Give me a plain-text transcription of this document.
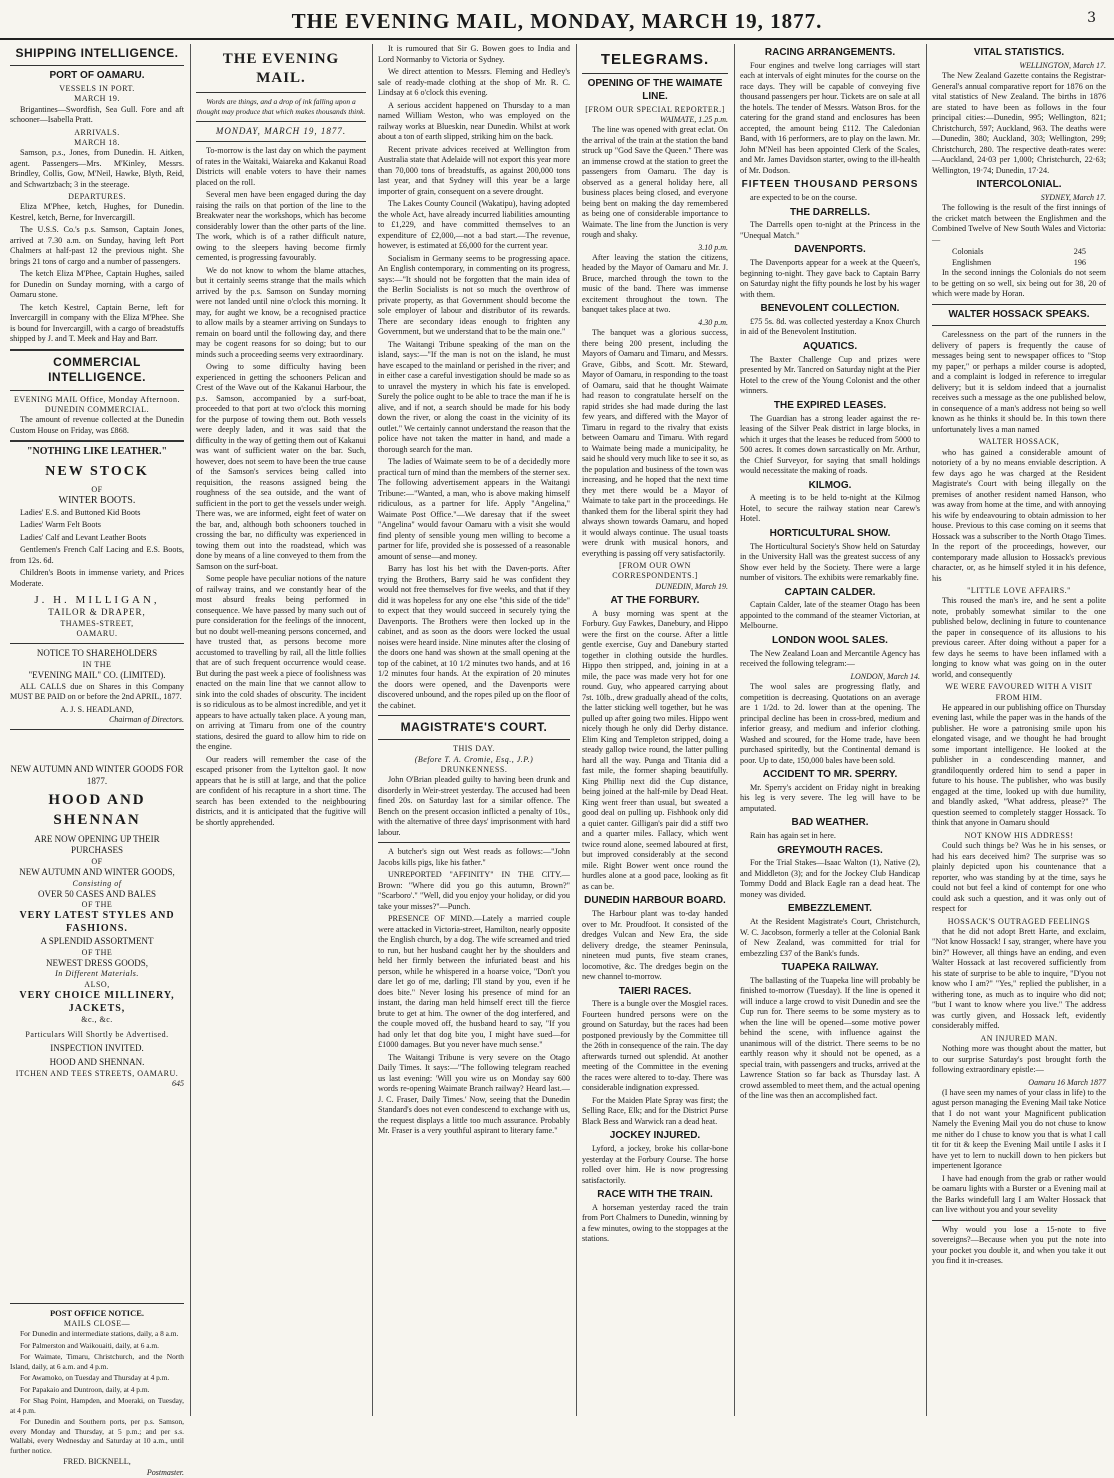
THE EVENING MAIL, MONDAY, MARCH 19, 1877.	3
SHIPPING INTELLIGENCE.
PORT OF OAMARU.
VESSELS IN PORT.
MARCH 19.

Brigantines—Swordfish, Sea Gull. Fore and aft schooner—Isabella Pratt.

ARRIVALS.
MARCH 18.

Samson, p.s., Jones, from Dunedin. H. Aitken, agent. Passengers—Mrs. M'Kinley, Messrs. Brindley, Collis, Gow, M'Neil, Hawke, Blyth, Reid, and Schwartzbach; 3 in the steerage.

DEPARTURES.

Eliza M'Phee, ketch, Hughes, for Dunedin. Kestrel, ketch, Berne, for Invercargill.

The U.S.S. Co.'s p.s. Samson, Captain Jones, arrived at 7.30 a.m. on Sunday, having left Port Chalmers at half-past 12 the previous night. She brings 21 tons of cargo and a number of passengers.

The ketch Eliza M'Phee, Captain Hughes, sailed for Dunedin on Sunday morning, with a cargo of Oamaru stone.

The ketch Kestrel, Captain Berne, left for Invercargill in company with the Eliza M'Phee. She is bound for Invercargill, with a cargo of breadstuffs shipped by J. and T. Meek and Hay and Barr.

COMMERCIAL INTELLIGENCE.
EVENING MAIL Office, Monday Afternoon.
DUNEDIN COMMERCIAL.

The amount of revenue collected at the Dunedin Custom House on Friday, was £868.

"NOTHING LIKE LEATHER."
NEW STOCK
OF
WINTER BOOTS.

Ladies' E.S. and Buttoned Kid Boots

Ladies' Warm Felt Boots

Ladies' Calf and Levant Leather Boots

Gentlemen's French Calf Lacing and E.S. Boots, from 12s. 6d.

Children's Boots in immense variety, and Prices Moderate.

J. H. MILLIGAN,
TAILOR & DRAPER,
THAMES-STREET,
OAMARU.
NOTICE TO SHAREHOLDERS
IN THE
"EVENING MAIL" CO. (LIMITED).

ALL CALLS due on Shares in this Company MUST BE PAID on or before the 2nd APRIL, 1877.

A. J. S. HEADLAND,
Chairman of Directors.
NEW AUTUMN AND WINTER GOODS FOR 1877.
HOOD AND SHENNAN
ARE NOW OPENING UP THEIR PURCHASES
OF
NEW AUTUMN AND WINTER GOODS,
Consisting of
OVER 50 CASES AND BALES
OF THE
VERY LATEST STYLES AND FASHIONS.
A SPLENDID ASSORTMENT
OF THE
NEWEST DRESS GOODS,
In Different Materials.
ALSO,
VERY CHOICE MILLINERY, JACKETS,
&c., &c.
Particulars Will Shortly be Advertised.
INSPECTION INVITED.
HOOD AND SHENNAN.
ITCHEN AND TEES STREETS, OAMARU.
645
POST OFFICE NOTICE.
MAILS CLOSE—

For Dunedin and intermediate stations, daily, a 8 a.m.

For Palmerston and Waikouaiti, daily, at 6 a.m.

For Waimate, Timaru, Christchurch, and the North Island, daily, at 6 a.m. and 4 p.m.

For Awamoko, on Tuesday and Thursday at 4 p.m.

For Papakaio and Duntroon, daily, at 4 p.m.

For Shag Point, Hampden, and Moeraki, on Tuesday, at 4 p.m.

For Dunedin and Southern ports, per p.s. Samson, every Monday and Thursday, at 5 p.m.; and per s.s. Wallabi, every Wednesday and Saturday at 10 a.m., until further notice.

FRED. BICKNELL,
Postmaster.
THE EVENING MAIL.
Words are things, and a drop of ink falling upon a thought may produce that which makes thousands think.
MONDAY, MARCH 19, 1877.

To-morrow is the last day on which the payment of rates in the Waitaki, Waiareka and Kakanui Road Districts will enable voters to have their names placed on the roll.

Several men have been engaged during the day raising the rails on that portion of the line to the Breakwater near the workshops, which has become considerably lower than the other parts of the line. The work, which is of a rather difficult nature, owing to the sleepers having become firmly cemented, is progressing favourably.

We do not know to whom the blame attaches, but it certainly seems strange that the mails which arrived by the p.s. Samson on Sunday morning were not landed until nine o'clock this morning. It may, for aught we know, be a recognised practice to allow mails by a steamer arriving on Sundays to remain on board until the following day, and there may be cogent reasons for so doing; but to our minds such a proceeding seems very extraordinary.

Owing to some difficulty having been experienced in getting the schooners Pelican and Crest of the Wave out of the Kakanui Harbour, the p.s. Samson, accompanied by a surf-boat, proceeded to that port at two o'clock this morning for the purpose of towing them out. Both vessels were deeply laden, and it was said that the difficulty in the way of getting them out of Kakanui was want of sufficient water on the bar. Such, however, does not seem to have been the true cause of the Samson's services being called into requisition, the reasons assigned being the roughness of the sea outside, and the want of sufficient in the port to get the vessels under weigh. There was, we are informed, eight feet of water on the bar, and, although both schooners touched in crossing the bar, no difficulty was experienced in towing them out into the roadstead, which was done by means of a line conveyed to them from the Samson on the surf-boat.

Some people have peculiar notions of the nature of railway trains, and we constantly hear of the most absurd freaks being performed in consequence. We have passed by many such out of pure consideration for the feelings of the innocent, but no doubt well-meaning persons concerned, and have trusted that, as persons become more accustomed to travelling by rail, all the little follies that are of such frequent occurrence would cease. But during the past week a piece of foolishness was enacted on the main line that we cannot allow to sink into the cold shades of obscurity. The incident is so ridiculous as to be almost incredible, and yet it appears to have actually taken place. A young man, on arriving at Timaru from one of the country stations, desired the guard to allow him to ride on the engine.

Our readers will remember the case of the escaped prisoner from the Lyttelton gaol. It now appears that he is still at large, and that the police are confident of his recapture in a short time. The search has been extended to the neighbouring districts, and it is anticipated that the fugitive will be shortly apprehended.

It is rumoured that Sir G. Bowen goes to India and Lord Normanby to Victoria or Sydney.

We direct attention to Messrs. Fleming and Hedley's sale of ready-made clothing at the shop of Mr. R. C. Lindsay at 6 o'clock this evening.

A serious accident happened on Thursday to a man named William Weston, who was employed on the railway works at Blueskin, near Dunedin. Whilst at work about a ton of earth slipped, striking him on the back.

Recent private advices received at Wellington from Australia state that Adelaide will not export this year more than 70,000 tons of breadstuffs, as against 200,000 tons last year, and that Sydney will this year be a large importer of grain, consequent on a severe drought.

The Lakes County Council (Wakatipu), having adopted the whole Act, have already incurred liabilities amounting to £1,229, and have committed themselves to an expenditure of £2,000,—not a bad start.—The revenue, however, is estimated at £6,000 for the current year.

Socialism in Germany seems to be progressing apace. An English contemporary, in commenting on its progress, says:—"It should not be forgotten that the main idea of the Berlin Socialists is not so much the overthrow of private property, as that Government should become the sole employer of labour and distributor of its rewards. There are secondary ideas enough to frighten any Government, but we understand that to be the main one."

The Waitangi Tribune speaking of the man on the island, says:—"If the man is not on the island, he must have escaped to the mainland or perished in the river; and in either case a careful investigation should be made so as to unravel the mystery in which his fate is enveloped. Surely the police ought to be able to trace the man if he is alive, and if not, a search should be made for his body down the river, or along the coast in the vicinity of its outlet." We certainly cannot understand the reason that the police have not taken the matter in hand, and made a thorough search for the man.

The ladies of Waimate seem to be of a decidedly more practical turn of mind than the members of the sterner sex. The following advertisement appears in the Waitangi Tribune:—"Wanted, a man, who is above making himself ridiculous, as a partner for life. Apply "Angelina," Waimate Post Office."—We daresay that if the sweet "Angelina" would favour Oamaru with a visit she would find plenty of sensible young men willing to become a partner for life, provided she is possessed of a reasonable amount of sense—and money.

Barry has lost his bet with the Daven-ports. After trying the Brothers, Barry said he was confident they would not free themselves for five weeks, and that if they did it was hopeless for any one else "this side of the tide" to expect that they would succeed in securely tying the Davenports. The Brothers were then locked up in the cabinet, and as soon as the doors were locked the usual noises were heard inside. Nine minutes after the closing of the doors one hand was shown at the small opening at the top of the cabinet, at 10 1/2 minutes two hands, and at 16 1/2 minutes four hands. At the expiration of 20 minutes the doors were opened, and the Davenports were discovered unbound, and the ropes piled up on the floor of the cabinet.

MAGISTRATE'S COURT.
THIS DAY.
(Before T. A. Cromie, Esq., J.P.)
DRUNKENNESS.

John O'Brian pleaded guilty to having been drunk and disorderly in Weir-street yesterday. The accused had been fined 20s. on Saturday last for a similar offence. The Bench on the present occasion inflicted a penalty of 10s., with the alternative of three days' imprisonment with hard labour.

A butcher's sign out West reads as follows:—"John Jacobs kills pigs, like his father."

UNREPORTED "AFFINITY" IN THE CITY.—Brown: "Where did you go this autumn, Brown?" "Scarboro'." "Well, did you enjoy your holiday, or did you take your misses?"—Punch.

PRESENCE OF MIND.—Lately a married couple were attacked in Victoria-street, Hamilton, nearly opposite the English church, by a dog. The wife screamed and tried to run, but her husband caught her by the shoulders and held her firmly between the infuriated beast and his person, while he whispered in a hoarse voice, "Don't you dare let go of me, darling; I'll stand by you, even if he does bite." Never losing his presence of mind for an instant, the daring man held himself erect till the fierce brute to get at him. The owner of the dog interfered, and the couple moved off, the husband heard to say, "If you had only let that dog bite you, I might have sued—for £1000 damages. But you never have much sense."

The Waitangi Tribune is very severe on the Otago Daily Times. It says:—"The following telegram reached us last evening: 'Will you wire us on Monday say 600 words re-opening Waimate Branch railway? Heard last.—J. C. Fraser, Daily Times.' Now, seeing that the Dunedin Standard's does not even condescend to exchange with us, the request displays a little too much assurance. Probably Mr. Fraser is a very youthful aspirant to literary fame."

TELEGRAMS.
OPENING OF THE WAIMATE LINE.
[FROM OUR SPECIAL REPORTER.]
WAIMATE, 1.25 p.m.

The line was opened with great eclat. On the arrival of the train at the station the band struck up "God Save the Queen." There was an immense crowd at the station to greet the passengers from Oamaru. The day is observed as a general holiday here, all business places being closed, and everyone being bent on making the day remembered as being one of considerable importance to Waimate. The line from the Junction is very rough and shaky.

3.10 p.m.

After leaving the station the citizens, headed by the Mayor of Oamaru and Mr. J. Bruce, marched through the town to the music of the band. There was immense excitement throughout the town. The banquet takes place at two.

4.30 p.m.

The banquet was a glorious success, there being 200 present, including the Mayors of Oamaru and Timaru, and Messrs. Grave, Gibbs, and Scott. Mr. Steward, Mayor of Oamaru, in responding to the toast of Oamaru, said that he thought Waimate had reason to congratulate herself on the rapid strides she had made during the last few years, and differed with the Mayor of Timaru in regard to the rivalry that exists between Oamaru and Timaru. With regard to Waimate being made a municipality, he said he should very much like to see it so, as the population and business of the town was increasing, and he hoped that the next time they met there would be a Mayor of Waimate to take part in the proceedings. He thanked them for the liberal spirit they had always shown towards Oamaru, and hoped it would always continue. The usual toasts were drunk with musical honors, and everything is passing off very satisfactorily.

[FROM OUR OWN CORRESPONDENTS.]
DUNEDIN, March 19.
AT THE FORBURY.

A busy morning was spent at the Forbury. Guy Fawkes, Danebury, and Hippo were the first on the course. After a little gentle exercise, Guy and Danebury started together in clothing outside the hurdles. Hippo then stripped, and, joining in at a mile, the pace was made very hot for one round. Guy, who appeared carrying about 7st. 10lb., drew gradually ahead of the colts, the latter sticking well together, but he was pulled up after going two miles. Hippo went nicely though he only did Derby distance. Elim King and Templeton stripped, doing a steady gallop twice round, the latter pulling hard all the way. Punga and Titania did a fast mile, the former shaping beautifully. King Phillip next did the Cup distance, being joined at the half-mile by Dead Heat. King went freer than usual, but sweated a good deal on pulling up. Fishhook only did a quiet canter. Gilligan's pair did a stiff two and a quarter miles. Fallacy, which went twice round alone, seemed laboured at first, but improved considerably at the second mile. Right Bower went once round the hurdles alone at a good pace, looking as fit as can be.

DUNEDIN HARBOUR BOARD.

The Harbour plant was to-day handed over to Mr. Proudfoot. It consisted of the dredges Vulcan and New Era, the side delivery dredge, the steamer Peninsula, nineteen mud punts, five steam cranes, locomotive, &c. The dredges begin on the new channel to-morrow.

TAIERI RACES.

There is a bungle over the Mosgiel races. Fourteen hundred persons were on the ground on Saturday, but the races had been postponed previously by the Committee till the 26th in consequence of the rain. The day afterwards turned out splendid. At another meeting of the Committee in the evening the races were altered to to-day. There was considerable indignation expressed.

For the Maiden Plate Spray was first; the Selling Race, Elk; and for the District Purse Black Bess and Warwick ran a dead heat.

JOCKEY INJURED.

Lyford, a jockey, broke his collar-bone yesterday at the Forbury Course. The horse rolled over him. He is now progressing satisfactorily.

RACE WITH THE TRAIN.

A horseman yesterday raced the train from Port Chalmers to Dunedin, winning by a few minutes, owing to the stoppages at the stations.

RACING ARRANGEMENTS.

Four engines and twelve long carriages will start each at intervals of eight minutes for the course on the race days. They will be capable of conveying five thousand passengers per hour. Tickets are on sale at all the hotels. The tender of Messrs. Watson Bros. for the catering for the grand stand and enclosures has been accepted, the amount being £112. The Caledonian Band, with 16 performers, are to play on the lawn. Mr. John M'Neil has been appointed Clerk of the Scales, and Mr. James Davidson starter, owing to the ill-health of Mr. Dodson.

FIFTEEN THOUSAND PERSONS

are expected to be on the course.

THE DARRELLS.

The Darrells open to-night at the Princess in the "Unequal Match."

DAVENPORTS.

The Davenports appear for a week at the Queen's, beginning to-night. They gave back to Captain Barry on Saturday night the fifty pounds he lost by his wager with them.

BENEVOLENT COLLECTION.

£75 5s. 8d. was collected yesterday a Knox Church in aid of the Benevolent Institution.

AQUATICS.

The Baxter Challenge Cup and prizes were presented by Mr. Tancred on Saturday night at the Pier Hotel to the crew of the Young Colonist and the other winners.

THE EXPIRED LEASES.

The Guardian has a strong leader against the re-leasing of the Silver Peak district in large blocks, in which it urges that the leases be reduced from 5000 to 500 acres. It comes down sarcastically on Mr. Arthur, the Chief Surveyor, for saying that small holdings would necessitate the making of roads.

KILMOG.

A meeting is to be held to-night at the Kilmog Hotel, to secure the railway station near Carew's Hotel.

HORTICULTURAL SHOW.

The Horticultural Society's Show held on Saturday in the University Hall was the greatest success of any Show ever held by the Society. There were a large number of visitors. The exhibits were remarkably fine.

CAPTAIN CALDER.

Captain Calder, late of the steamer Otago has been appointed to the command of the steamer Victorian, at Melbourne.

LONDON WOOL SALES.

The New Zealand Loan and Mercantile Agency has received the following telegram:—

LONDON, March 14.

The wool sales are progressing flatly, and competition is decreasing. Quotations on an average are 1 1/2d. to 2d. lower than at the opening. The principal decline has been in cross-bred, medium and inferior greasy, and medium and inferior clothing. Washed and scoured, for the Home trade, have been purchased spiritedly, but the Continental demand is poor. Up to date, 150,000 bales have been sold.

ACCIDENT TO MR. SPERRY.

Mr. Sperry's accident on Friday night in breaking his leg is very severe. The leg will have to be amputated.

BAD WEATHER.

Rain has again set in here.

GREYMOUTH RACES.

For the Trial Stakes—Isaac Walton (1), Native (2), and Middleton (3); and for the Jockey Club Handicap Tommy Dodd and Black Eagle ran a dead heat. The money was divided.

EMBEZZLEMENT.

At the Resident Magistrate's Court, Christchurch, W. C. Jacobson, formerly a teller at the Colonial Bank of New Zealand, was committed for trial for embezzling £37 of the Bank's funds.

TUAPEKA RAILWAY.

The ballasting of the Tuapeka line will probably be finished to-morrow (Tuesday). If the line is opened it will induce a large crowd to visit Dunedin and see the Cup run for. There seems to be some mystery as to when the line will be opened—some motive power behind the scene, with influence against the unanimous will of the district. There seems to be no earthly reason why it should not be opened, as a special train, with passengers and trucks, arrived at the Lawrence Station so far back as Thursday last. A crowd assembled to meet them, and the actual opening of the line was then an accomplished fact.

VITAL STATISTICS.
WELLINGTON, March 17.

The New Zealand Gazette contains the Registrar-General's annual comparative report for 1876 on the vital statistics of New Zealand. The births in 1876 are stated to have been as follows in the four principal cities:—Dunedin, 995; Wellington, 821; Christchurch, 597; Auckland, 963. The deaths were—Dunedin, 380; Auckland, 303; Wellington, 299; Christchurch, 280. The respective death-rates were:—Auckland, 24·03 per 1,000; Christchurch, 22·63; Wellington, 19·74; Dunedin, 17·24.

INTERCOLONIAL.
SYDNEY, March 17.

The following is the result of the first innings of the cricket match between the Englishmen and the Combined Twelve of New South Wales and Victoria:—

Colonials	245
Englishmen	196

In the second innings the Colonials do not seem to be getting on so well, six being out for 38, 20 of which were made by Horan.

WALTER HOSSACK SPEAKS.

Carelessness on the part of the runners in the delivery of papers is frequently the cause of messages being sent to newspaper offices to "Stop my paper," or perhaps a milder course is adopted, and a complaint is lodged in reference to irregular delivery; but it is seldom indeed that a journalist receives such a message as the one published below, in consequence of a man's address not being so well known as he thinks it should be. In this town there unfortunately lives a man named

WALTER HOSSACK,

who has gained a considerable amount of notoriety of a by no means enviable description. A few days ago he was charged at the Resident Magistrate's Court with being illegally on the premises of another resident named Hanson, who was away from home at the time, and with annoying his wife by endeavouring to obtain admission to her house. Previous to this case coming on it seems that Hossack was a subscriber to the North Otago Times. In the report of the proceedings, however, our contemporary made allusion to Hossack's previous character, or, as he himself styled it in his defence, his

"LITTLE LOVE AFFAIRS."

This roused the man's ire, and he sent a polite note, probably somewhat similar to the one published below, declining in future to countenance the paper in consequence of its allusions to his previous career. After doing without a paper for a few days he seems to have been inflamed with a longing to know what was going on in the outer world, and consequently

WE WERE FAVOURED WITH A VISIT FROM HIM.

He appeared in our publishing office on Thursday evening last, while the paper was in the hands of the publisher. He wore a patronising smile upon his elongated visage, and we thought he had brought some important intelligence. He looked at the publisher in a condescending manner, and grandiloquently ordered him to send a paper in future to his house. The publisher, who was busily engaged at the time, looked up with due humility, and blandly asked, "What address, please?" The question seemed to completely stagger Hossack. To think that anyone in Oamaru should

NOT KNOW HIS ADDRESS!

Could such things be? Was he in his senses, or had his ears deceived him? The surprise was so plainly depicted upon his countenance that a reporter, who was standing by at the time, says he could not but feel a kind of contempt for one who could ask such a question, and it was only out of respect for

HOSSACK'S OUTRAGED FEELINGS

that he did not adopt Brett Harte, and exclaim, "Not know Hossack! I say, stranger, where have you bin?" However, all things have an ending, and even Walter Hossack at last recovered sufficiently from his state of surprise to be able to inquire, "D'you not know who I am?" "Yes," replied the publisher, in a withering tone, as much as to inquire who did not; "but I want to know where you live." The address was curtly given, and Hossack left, evidently considerably miffed.

AN INJURED MAN.

Nothing more was thought about the matter, but to our surprise Saturday's post brought forth the following extraordinary epistle:—

Oamaru 16 March 1877

(I have seen my names of your class in life) to the agust person managing the Evening Mail take Notice that I do not want your Magnificent publication Namely the Evening Mail you do not chuse to know me nither do I chuse to know you that is what I call tit for tit & keep the Evening Mail untile I asks it I have yet to lern to nuckill down to hen pickers but impertenent Igorance

I have had enough from the grab or rather would be oamaru lights with a Burster or a Evening mail at the Barks windefull larg I am Walter Hossack that can live without you and your sevelity

Why would you lose a 15-note to five sovereigns?—Because when you put the note into your pocket you double it, and when you take it out you find it in-creases.
